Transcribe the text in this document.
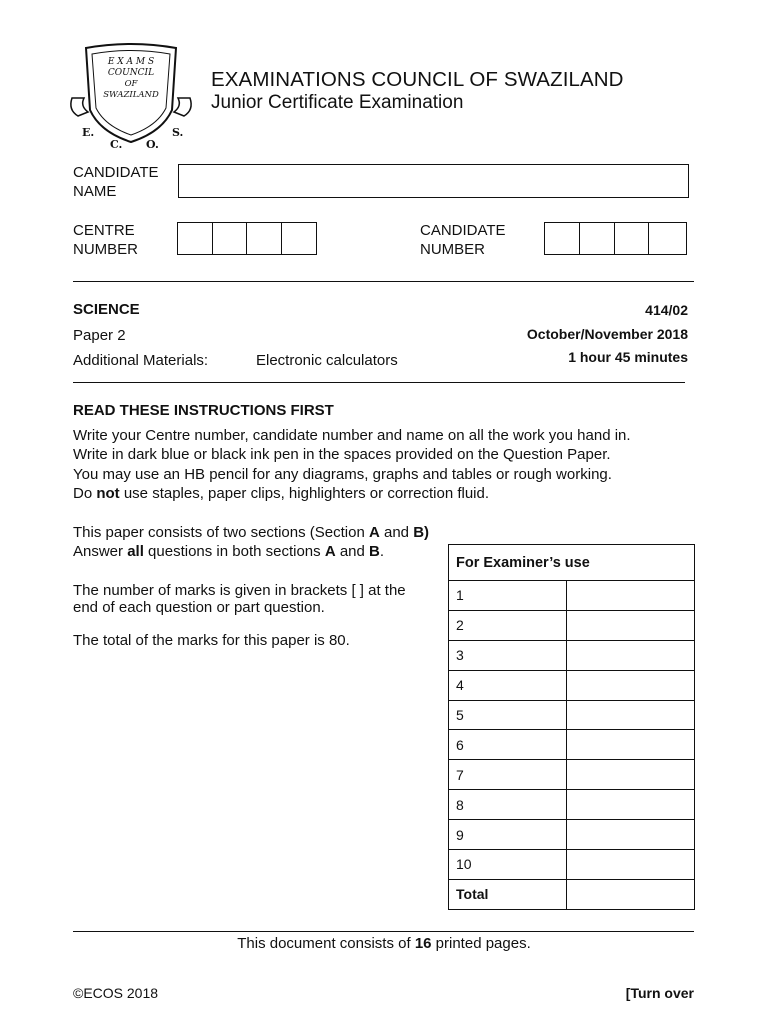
E X A M S
COUNCIL
OF
SWAZILAND
E.
C. O.
S.
EXAMINATIONS COUNCIL OF SWAZILAND
Junior Certificate Examination
CANDIDATE
NAME
CENTRE
NUMBER
CANDIDATE
NUMBER
SCIENCE	414/02
Paper 2	October/November 2018
Additional Materials:	Electronic calculators	1 hour 45 minutes
READ THESE INSTRUCTIONS FIRST
Write your Centre number, candidate number and name on all the work you hand in.
Write in dark blue or black ink pen in the spaces provided on the Question Paper.
You may use an HB pencil for any diagrams, graphs and tables or rough working.
Do not use staples, paper clips, highlighters or correction fluid.
This paper consists of two sections (Section A and B)
Answer all questions in both sections A and B.
The number of marks is given in brackets [ ] at the
end of each question or part question.
The total of the marks for this paper is 80.
For Examiner’s use	
1	
2	
3	
4	
5	
6	
7	
8	
9	
10	
Total	
This document consists of 16 printed pages.
©ECOS 2018	[Turn over
